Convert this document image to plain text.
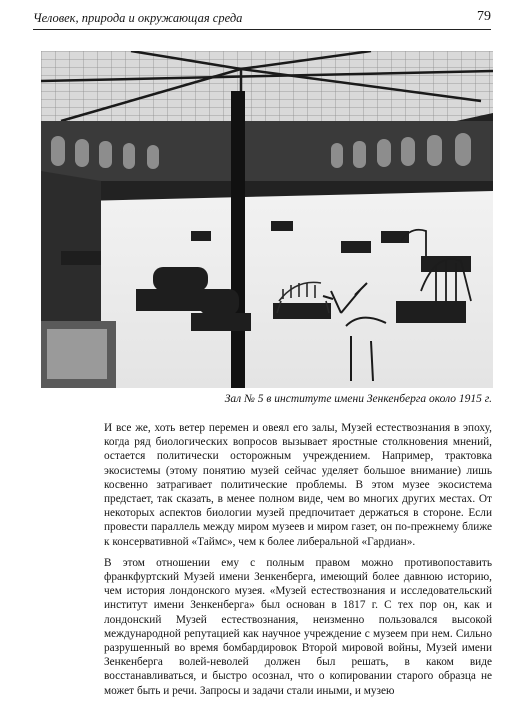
Человек, природа и окружающая среда	79
Зал № 5 в институте имени Зенкенберга около 1915 г.

И все же, хоть ветер перемен и овеял его залы, Музей естествознания в эпоху, когда ряд биологических вопросов вызывает яростные столкновения мнений, остается политически осторожным учреждением. Например, трактовка экосистемы (этому понятию музей сейчас уделяет большое внимание) лишь косвенно затрагивает политические проблемы. В этом музее экосистема предстает, так сказать, в менее полном виде, чем во многих других местах. От некоторых аспектов биологии музей предпочитает держаться в стороне. Если провести параллель между миром музеев и миром газет, он по-прежнему ближе к консервативной «Таймс», чем к более либеральной «Гардиан».

В этом отношении ему с полным правом можно противопоставить франкфуртский Музей имени Зенкенберга, имеющий более давнюю историю, чем история лондонского музея. «Музей естествознания и исследовательский институт имени Зенкенберга» был основан в 1817 г. С тех пор он, как и лондонский Музей естествознания, неизменно пользовался высокой международной репутацией как научное учреждение с музеем при нем. Сильно разрушенный во время бомбардировок Второй мировой войны, Музей имени Зенкенберга волей-неволей должен был решать, в каком виде восстанавливаться, и быстро осознал, что о копировании старого образца не может быть и речи. Запросы и задачи стали иными, и музею
